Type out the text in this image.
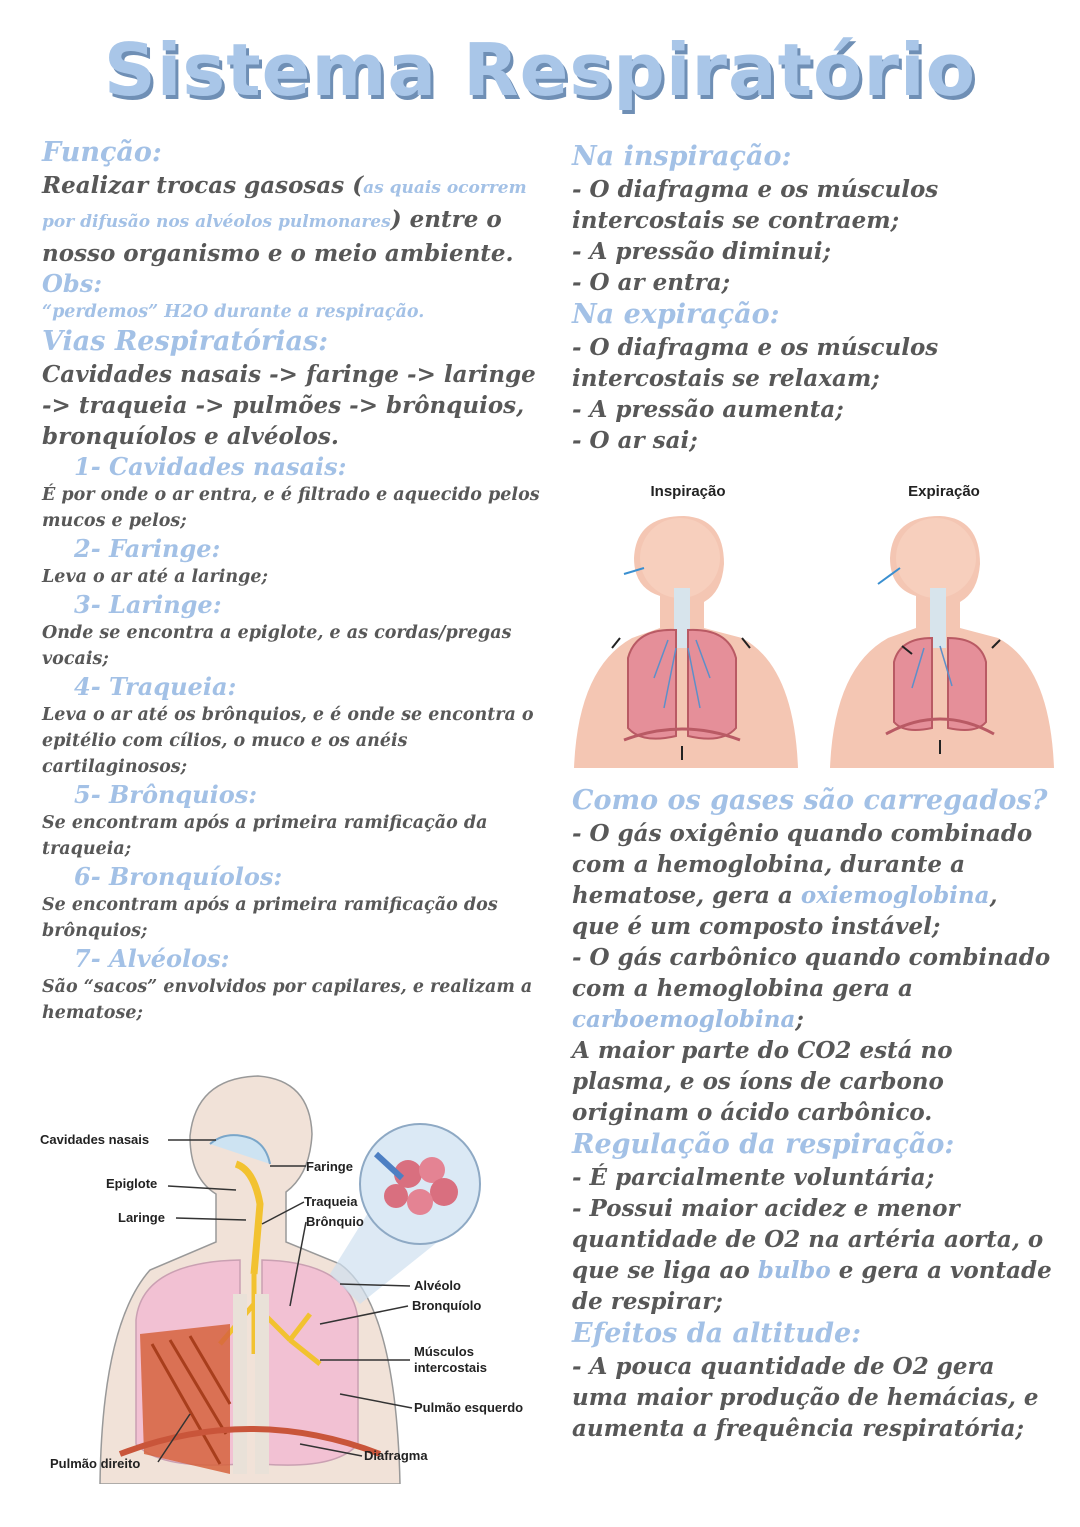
Sistema Respiratório

Função:

Realizar trocas gasosas (as quais ocorrem por difusão nos alvéolos pulmonares) entre o nosso organismo e o meio ambiente.

Obs:

“perdemos” H2O durante a respiração.

Vias Respiratórias:

Cavidades nasais -> faringe -> laringe -> traqueia -> pulmões -> brônquios, bronquíolos e alvéolos.

1- Cavidades nasais:

É por onde o ar entra, e é filtrado e aquecido pelos mucos e pelos;

2- Faringe:

Leva o ar até a laringe;

3- Laringe:

Onde se encontra a epiglote, e as cordas/pregas vocais;

4- Traqueia:

Leva o ar até os brônquios, e é onde se encontra o epitélio com cílios, o muco e os anéis cartilaginosos;

5- Brônquios:

Se encontram após a primeira ramificação da traqueia;

6- Bronquíolos:

Se encontram após a primeira ramificação dos brônquios;

7- Alvéolos:

São “sacos” envolvidos por capilares, e realizam a hematose;

Na inspiração:

- O diafragma e os músculos intercostais se contraem;

- A pressão diminui;

- O ar entra;

Na expiração:

- O diafragma e os músculos intercostais se relaxam;

- A pressão aumenta;

- O ar sai;

Inspiração	Expiração

Como os gases são carregados?

- O gás oxigênio quando combinado com a hemoglobina, durante a hematose, gera a oxiemoglobina, que é um composto instável;

- O gás carbônico quando combinado com a hemoglobina gera a carboemoglobina;

A maior parte do CO2 está no plasma, e os íons de carbono originam o ácido carbônico.

Regulação da respiração:

- É parcialmente voluntária;

- Possui maior acidez e menor quantidade de O2 na artéria aorta, o que se liga ao bulbo e gera a vontade de respirar;

Efeitos da altitude:

- A pouca quantidade de O2 gera uma maior produção de hemácias, e aumenta a frequência respiratória;

Cavidades nasais
Epiglote
Laringe
Faringe
Traqueia
Brônquio
Alvéolo
Bronquíolo
Músculos
intercostais
Pulmão esquerdo
Diafragma
Pulmão direito
